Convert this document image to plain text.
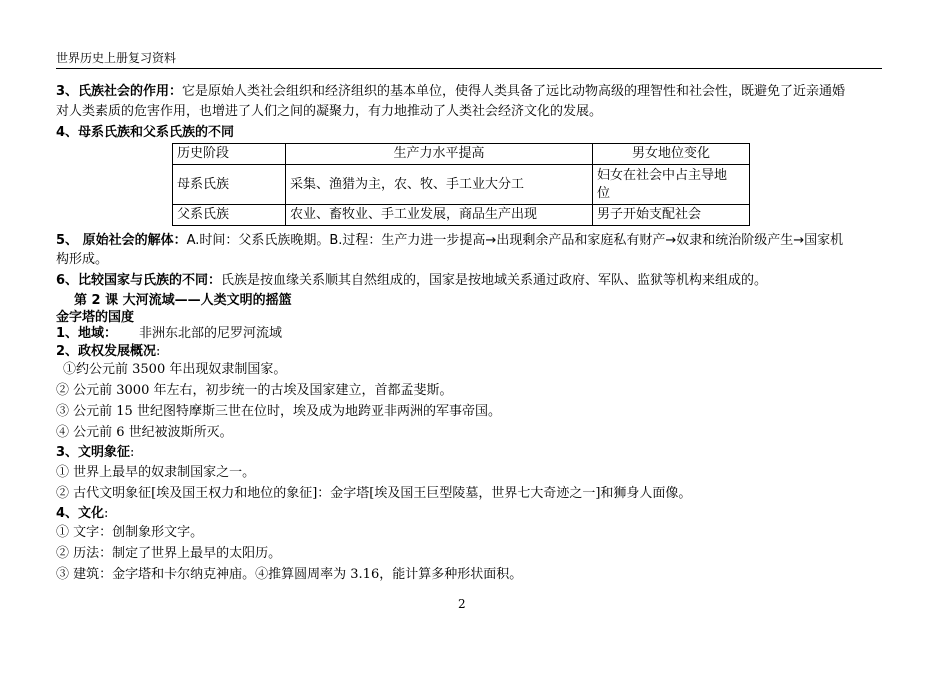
世界历史上册复习资料
3、氏族社会的作用：它是原始人类社会组织和经济组织的基本单位，使得人类具备了远比动物高级的理智性和社会性，既避免了近亲通婚
对人类素质的危害作用，也增进了人们之间的凝聚力，有力地推动了人类社会经济文化的发展。
4、母系氏族和父系氏族的不同
历史阶段	生产力水平提高	男女地位变化
母系氏族	采集、渔猎为主，农、牧、手工业大分工	妇女在社会中占主导地
位
父系氏族	农业、畜牧业、手工业发展，商品生产出现	男子开始支配社会
5、 原始社会的解体：A.时间：父系氏族晚期。B.过程：生产力进一步提高→出现剩余产品和家庭私有财产→奴隶和统治阶级产生→国家机
构形成。
6、比较国家与氏族的不同：氏族是按血缘关系顺其自然组成的，国家是按地域关系通过政府、军队、监狱等机构来组成的。
第 2 课 大河流域——人类文明的摇篮
金字塔的国度
1、地域： 非洲东北部的尼罗河流域
2、政权发展概况:
①约公元前 3500 年出现奴隶制国家。
② 公元前 3000 年左右，初步统一的古埃及国家建立，首都孟斐斯。
③ 公元前 15 世纪图特摩斯三世在位时，埃及成为地跨亚非两洲的军事帝国。
④ 公元前 6 世纪被波斯所灭。
3、文明象征:
① 世界上最早的奴隶制国家之一。
② 古代文明象征[埃及国王权力和地位的象征]：金字塔[埃及国王巨型陵墓，世界七大奇迹之一]和狮身人面像。
4、文化:
① 文字：创制象形文字。
② 历法：制定了世界上最早的太阳历。
③ 建筑：金字塔和卡尔纳克神庙。④推算圆周率为 3.16，能计算多种形状面积。
2
